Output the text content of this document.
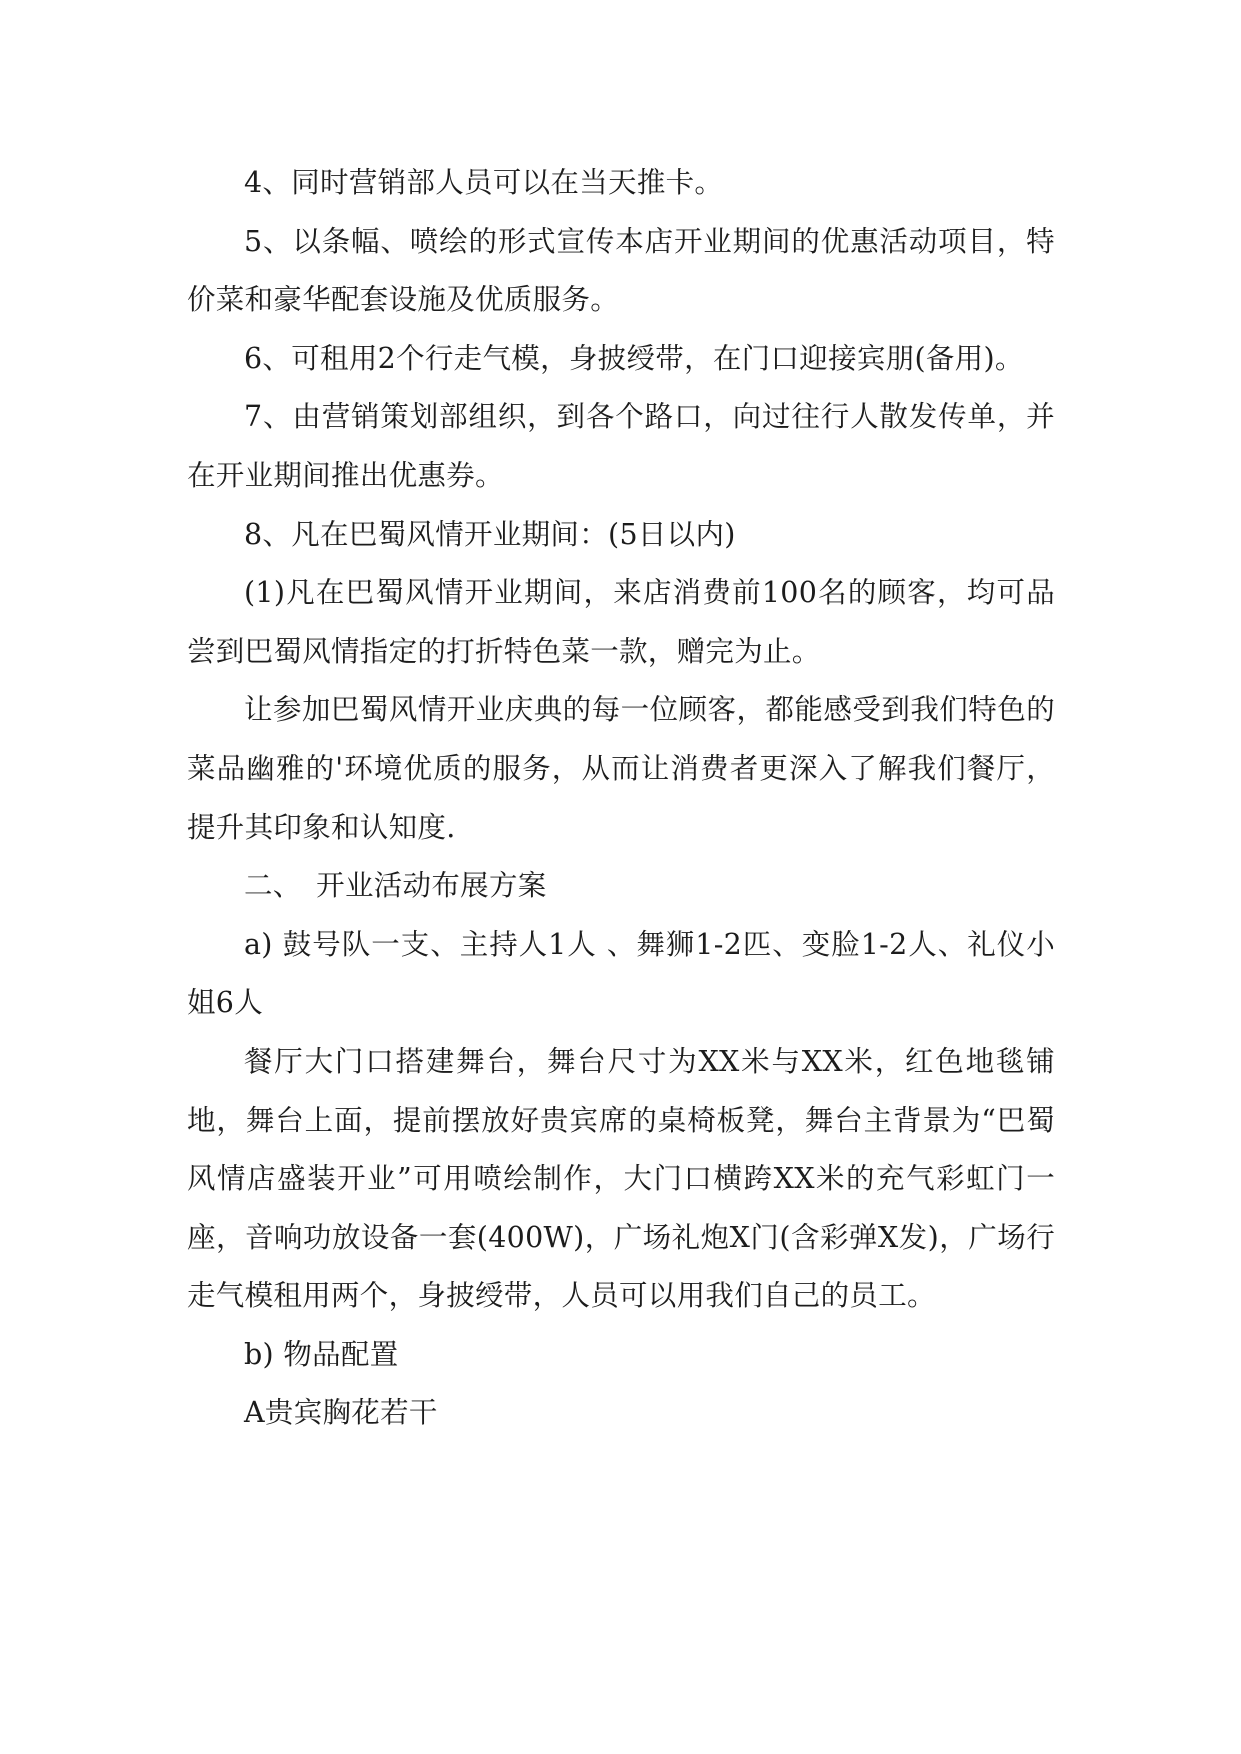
4、同时营销部人员可以在当天推卡。

5、以条幅、喷绘的形式宣传本店开业期间的优惠活动项目，特价菜和豪华配套设施及优质服务。

6、可租用2个行走气模，身披绶带，在门口迎接宾朋(备用)。

7、由营销策划部组织，到各个路口，向过往行人散发传单，并在开业期间推出优惠券。

8、凡在巴蜀风情开业期间：(5日以内)

(1)凡在巴蜀风情开业期间，来店消费前100名的顾客，均可品尝到巴蜀风情指定的打折特色菜一款，赠完为止。

让参加巴蜀风情开业庆典的每一位顾客，都能感受到我们特色的菜品幽雅的'环境优质的服务，从而让消费者更深入了解我们餐厅，提升其印象和认知度.

二、　开业活动布展方案

a) 鼓号队一支、主持人1人 、舞狮1-2匹、变脸1-2人、礼仪小姐6人

餐厅大门口搭建舞台，舞台尺寸为XX米与XX米，红色地毯铺地，舞台上面，提前摆放好贵宾席的桌椅板凳，舞台主背景为“巴蜀风情店盛装开业”可用喷绘制作，大门口横跨XX米的充气彩虹门一座，音响功放设备一套(400W)，广场礼炮X门(含彩弹X发)，广场行走气模租用两个，身披绶带，人员可以用我们自己的员工。

b) 物品配置

A贵宾胸花若干
